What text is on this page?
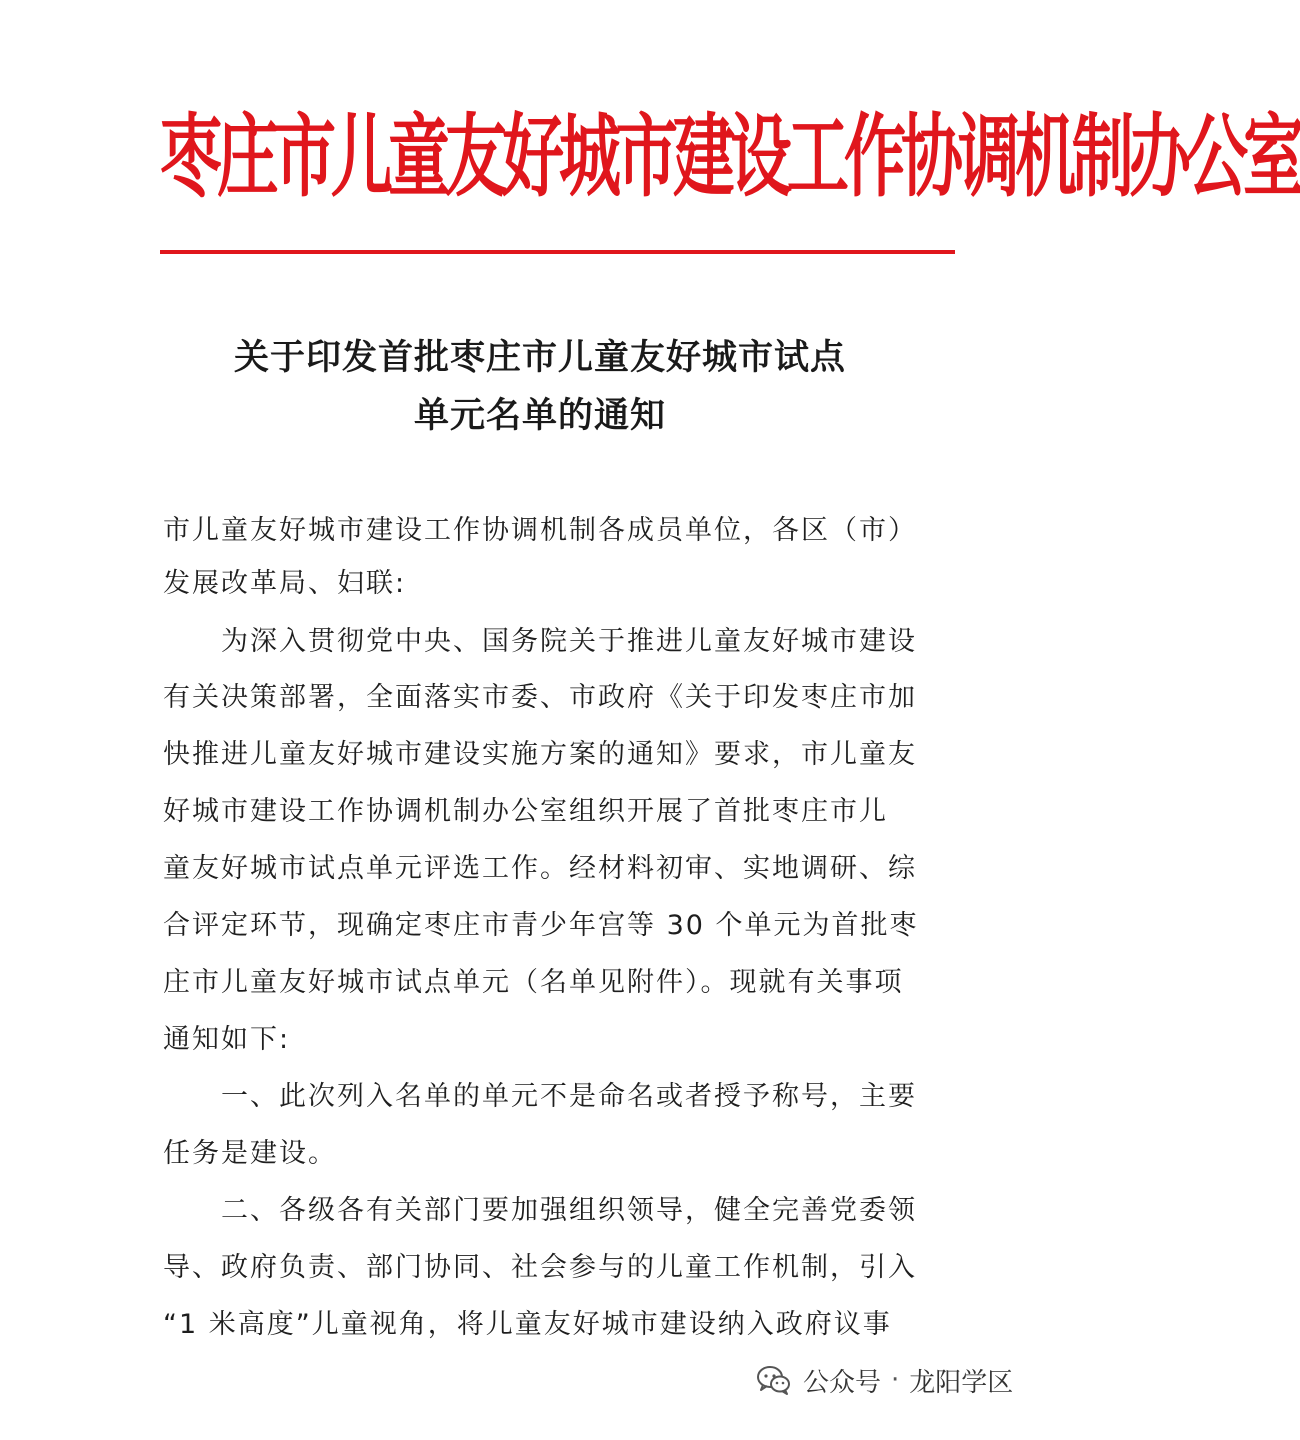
枣庄市儿童友好城市建设工作协调机制办公室
关于印发首批枣庄市儿童友好城市试点
单元名单的通知
市儿童友好城市建设工作协调机制各成员单位，各区（市）
发展改革局、妇联:
　　为深入贯彻党中央、国务院关于推进儿童友好城市建设
有关决策部署，全面落实市委、市政府《关于印发枣庄市加
快推进儿童友好城市建设实施方案的通知》要求，市儿童友
好城市建设工作协调机制办公室组织开展了首批枣庄市儿
童友好城市试点单元评选工作。经材料初审、实地调研、综
合评定环节，现确定枣庄市青少年宫等 30 个单元为首批枣
庄市儿童友好城市试点单元（名单见附件）。现就有关事项
通知如下:
　　一、此次列入名单的单元不是命名或者授予称号，主要
任务是建设。
　　二、各级各有关部门要加强组织领导，健全完善党委领
导、政府负责、部门协同、社会参与的儿童工作机制，引入
“1 米高度”儿童视角，将儿童友好城市建设纳入政府议事
公众号 · 龙阳学区
